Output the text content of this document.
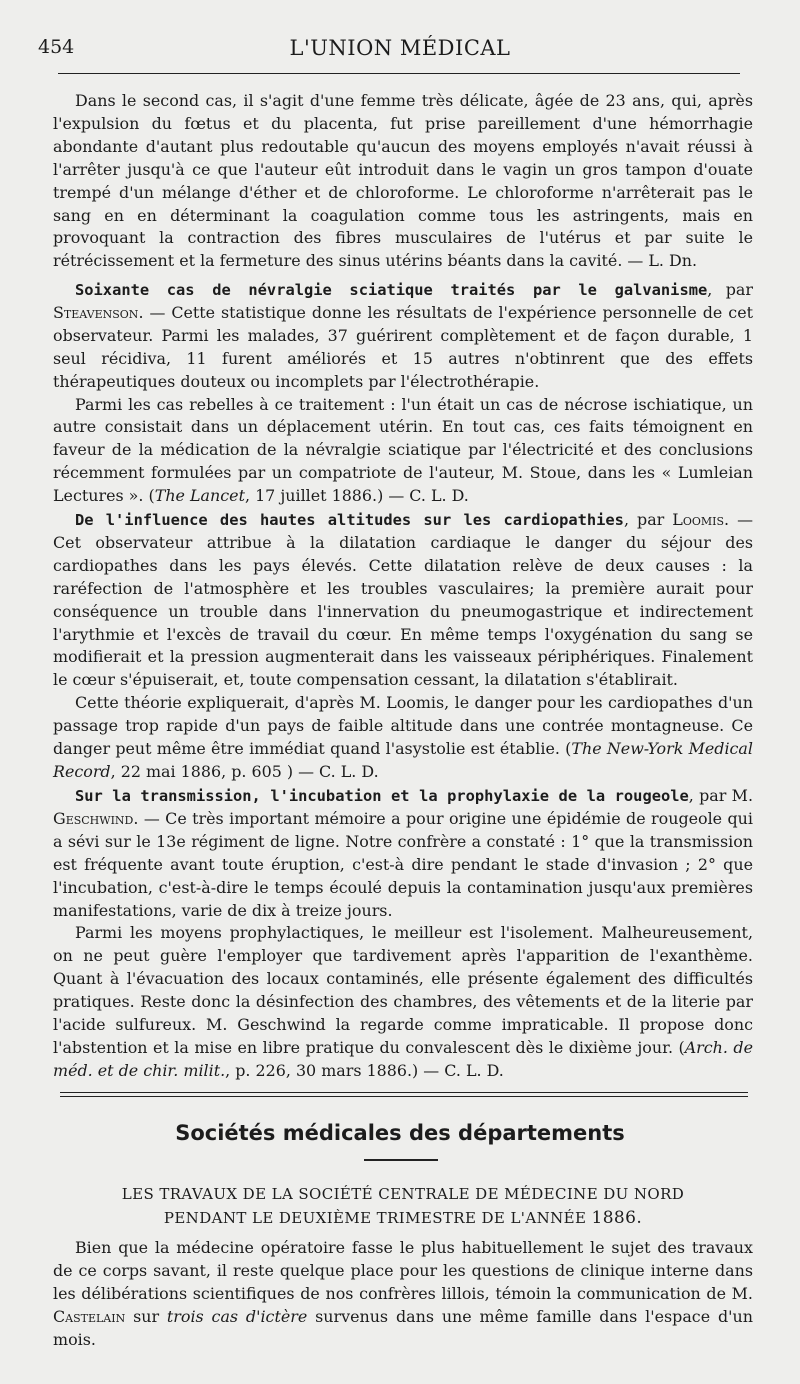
454	L'UNION MÉDICAL

Dans le second cas, il s'agit d'une femme très délicate, âgée de 23 ans, qui, après l'expulsion du fœtus et du placenta, fut prise pareillement d'une hémorrhagie abondante d'autant plus redoutable qu'aucun des moyens employés n'avait réussi à l'arrêter jusqu'à ce que l'auteur eût introduit dans le vagin un gros tampon d'ouate trempé d'un mélange d'éther et de chloroforme. Le chloroforme n'arrêterait pas le sang en en déterminant la coagulation comme tous les astringents, mais en provoquant la contraction des fibres musculaires de l'utérus et par suite le rétrécissement et la fermeture des sinus utérins béants dans la cavité. — L. Dn.

Soixante cas de névralgie sciatique traités par le galvanisme, par Steavenson. — Cette statistique donne les résultats de l'expérience personnelle de cet observateur. Parmi les malades, 37 guérirent complètement et de façon durable, 1 seul récidiva, 11 furent améliorés et 15 autres n'obtinrent que des effets thérapeutiques douteux ou incomplets par l'électrothérapie.

Parmi les cas rebelles à ce traitement : l'un était un cas de nécrose ischiatique, un autre consistait dans un déplacement utérin. En tout cas, ces faits témoignent en faveur de la médication de la névralgie sciatique par l'électricité et des conclusions récemment formulées par un compatriote de l'auteur, M. Stoue, dans les « Lumleian Lectures ». (The Lancet, 17 juillet 1886.) — C. L. D.

De l'influence des hautes altitudes sur les cardiopathies, par Loomis. — Cet observateur attribue à la dilatation cardiaque le danger du séjour des cardiopathes dans les pays élevés. Cette dilatation relève de deux causes : la raréfection de l'atmosphère et les troubles vasculaires; la première aurait pour conséquence un trouble dans l'innervation du pneumogastrique et indirectement l'arythmie et l'excès de travail du cœur. En même temps l'oxygénation du sang se modifierait et la pression augmenterait dans les vaisseaux périphériques. Finalement le cœur s'épuiserait, et, toute compensation cessant, la dilatation s'établirait.

Cette théorie expliquerait, d'après M. Loomis, le danger pour les cardiopathes d'un passage trop rapide d'un pays de faible altitude dans une contrée montagneuse. Ce danger peut même être immédiat quand l'asystolie est établie. (The New-York Medical Record, 22 mai 1886, p. 605 ) — C. L. D.

Sur la transmission, l'incubation et la prophylaxie de la rougeole, par M. Geschwind. — Ce très important mémoire a pour origine une épidémie de rougeole qui a sévi sur le 13e régiment de ligne. Notre confrère a constaté : 1° que la transmission est fréquente avant toute éruption, c'est-à dire pendant le stade d'invasion ; 2° que l'incubation, c'est-à-dire le temps écoulé depuis la contamination jusqu'aux premières manifestations, varie de dix à treize jours.

Parmi les moyens prophylactiques, le meilleur est l'isolement. Malheureusement, on ne peut guère l'employer que tardivement après l'apparition de l'exanthème. Quant à l'évacuation des locaux contaminés, elle présente également des difficultés pratiques. Reste donc la désinfection des chambres, des vêtements et de la literie par l'acide sulfureux. M. Geschwind la regarde comme impraticable. Il propose donc l'abstention et la mise en libre pratique du convalescent dès le dixième jour. (Arch. de méd. et de chir. milit., p. 226, 30 mars 1886.) — C. L. D.

Sociétés médicales des départements
LES TRAVAUX DE LA SOCIÉTÉ CENTRALE DE MÉDECINE DU NORD
PENDANT LE DEUXIÈME TRIMESTRE DE L'ANNÉE 1886.

Bien que la médecine opératoire fasse le plus habituellement le sujet des travaux de ce corps savant, il reste quelque place pour les questions de clinique interne dans les délibérations scientifiques de nos confrères lillois, témoin la communication de M. Castelain sur trois cas d'ictère survenus dans une même famille dans l'espace d'un mois.
